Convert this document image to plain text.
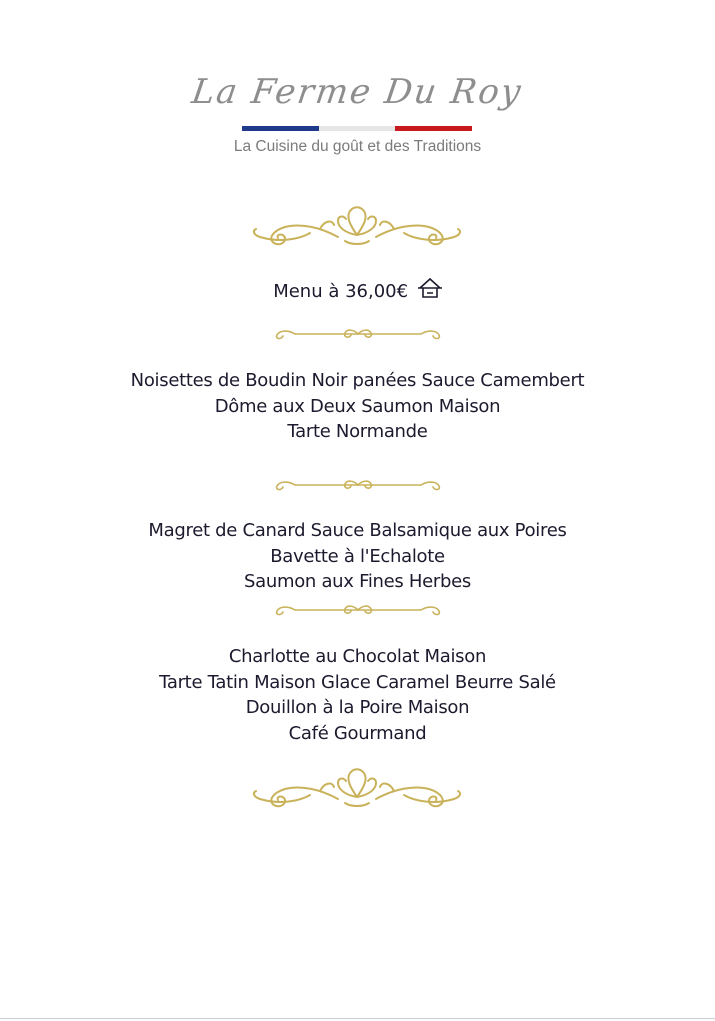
La Ferme Du Roy
La Cuisine du goût et des Traditions
Menu à 36,00€
Noisettes de Boudin Noir panées Sauce Camembert
Dôme aux Deux Saumon Maison
Tarte Normande
Magret de Canard Sauce Balsamique aux Poires
Bavette à l'Echalote
Saumon aux Fines Herbes
Charlotte au Chocolat Maison
Tarte Tatin Maison Glace Caramel Beurre Salé
Douillon à la Poire Maison
Café Gourmand
